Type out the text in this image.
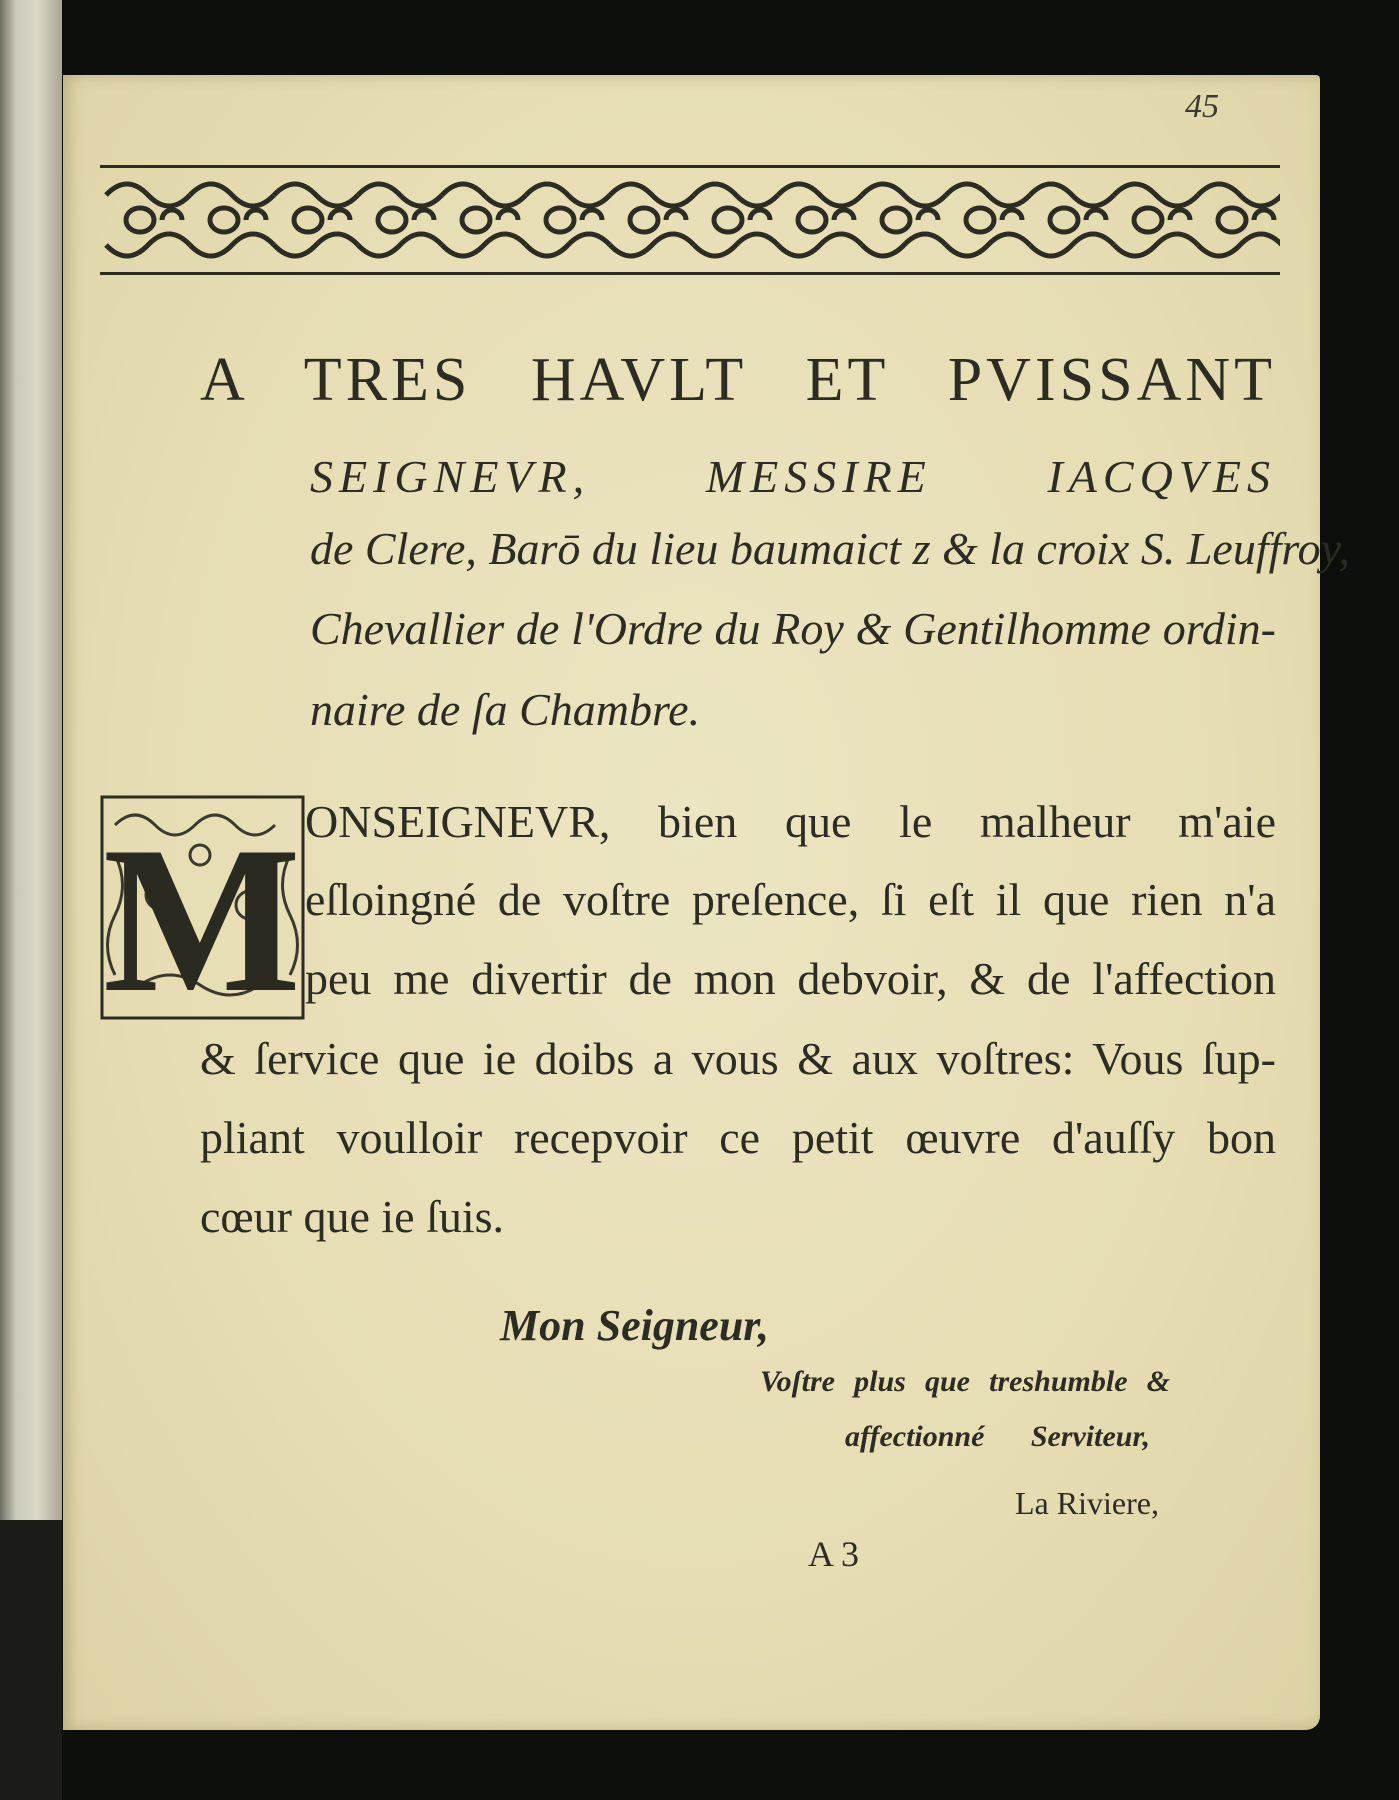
45
A TRES HAVLT ET PVISSANT
SEIGNEVR, MESSIRE IACQVES
de Clere, Barō du lieu baumaict z & la croix S. Leuffroy,
Chevallier de l'Ordre du Roy & Gentilhomme ordin-
naire de ſa Chambre.
M ONSEIGNEVR, bien que le malheur m'aie
eſloingné de voſtre preſence, ſi eſt il que rien n'a
peu me divertir de mon debvoir, & de l'affection
& ſervice que ie doibs a vous & aux voſtres: Vous ſup-
pliant voulloir recepvoir ce petit œuvre d'auſſy bon
cœur que ie ſuis.
Mon Seigneur,
Voſtre plus que treshumble &
affectionné Serviteur,
La Riviere,
A 3
